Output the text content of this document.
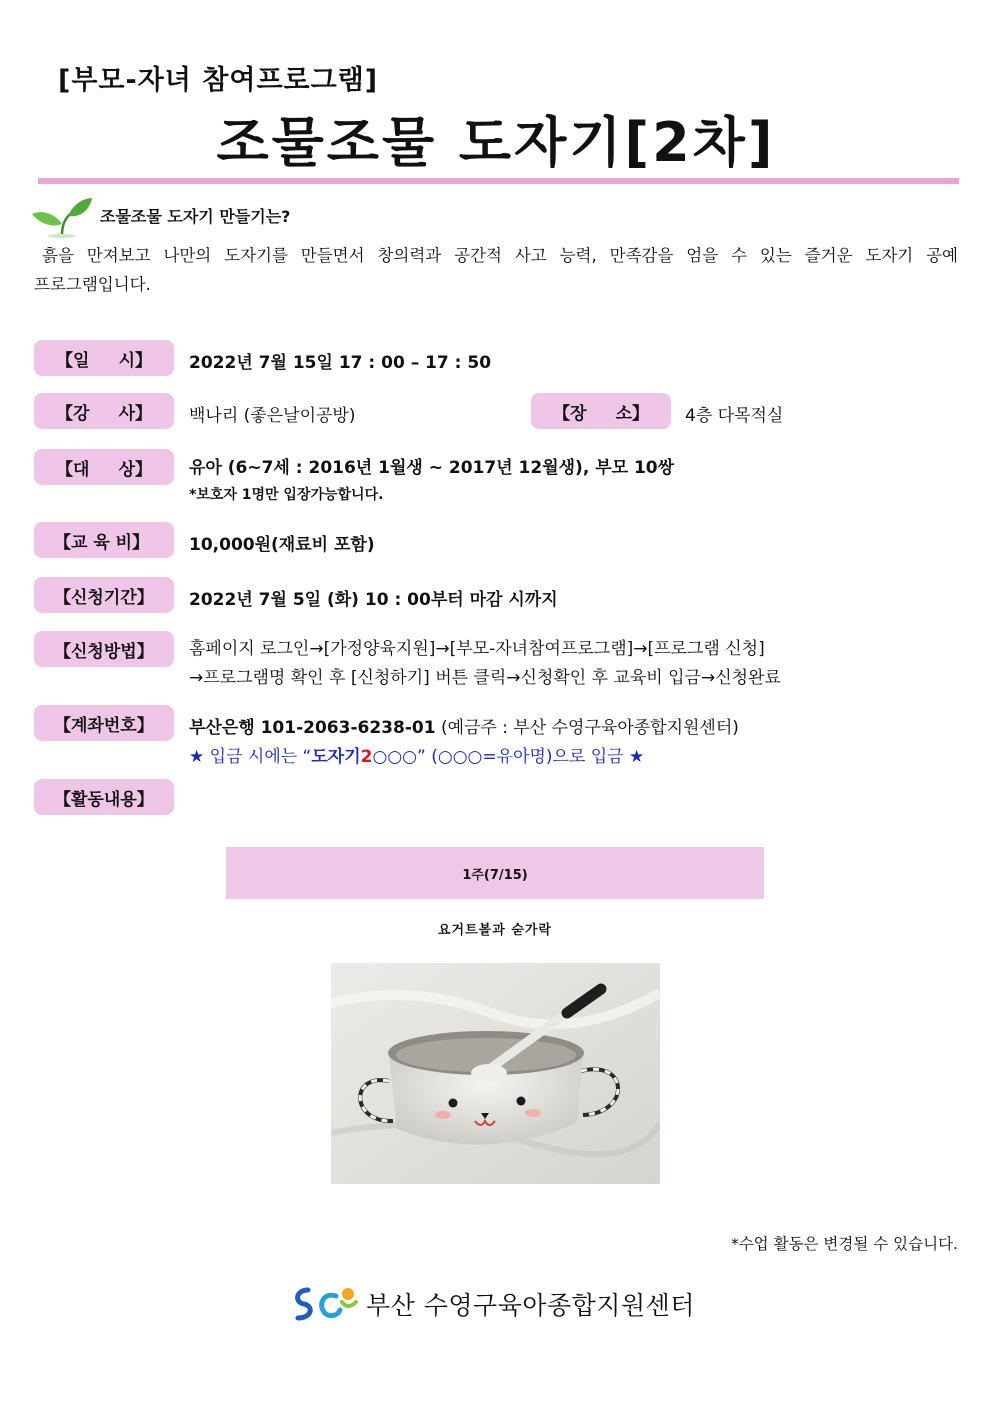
[부모-자녀 참여프로그램]
조물조물 도자기[2차]
조물조물 도자기 만들기는?
흙을 만져보고 나만의 도자기를 만들면서 창의력과 공간적 사고 능력, 만족감을 엄을 수 있는 즐거운 도자기 공예 프로그램입니다.
【일 시】 2022년 7월 15일 17 : 00 – 17 : 50
【강 사】 백나리 (좋은날이공방)	【장 소】 4층 다목적실
【대 상】 유아 (6~7세 : 2016년 1월생 ~ 2017년 12월생), 부모 10쌍
*보호자 1명만 입장가능합니다.
【교 육 비】	10,000원(재료비 포함)
【신청기간】	2022년 7월 5일 (화) 10 : 00부터 마감 시까지
【신청방법】	홈페이지 로그인→[가정양육지원]→[부모-자녀참여프로그램]→[프로그램 신청]
→프로그램명 확인 후 [신청하기] 버튼 클릭→신청확인 후 교육비 입금→신청완료
【계좌번호】	부산은행 101-2063-6238-01 (예금주 : 부산 수영구육아종합지원센터)
★ 입금 시에는 “도자기2○○○” (○○○=유아명)으로 입금 ★
【활동내용】
1주(7/15)
요거트볼과 숟가락
*수업 활동은 변경될 수 있습니다.
부산 수영구육아종합지원센터
